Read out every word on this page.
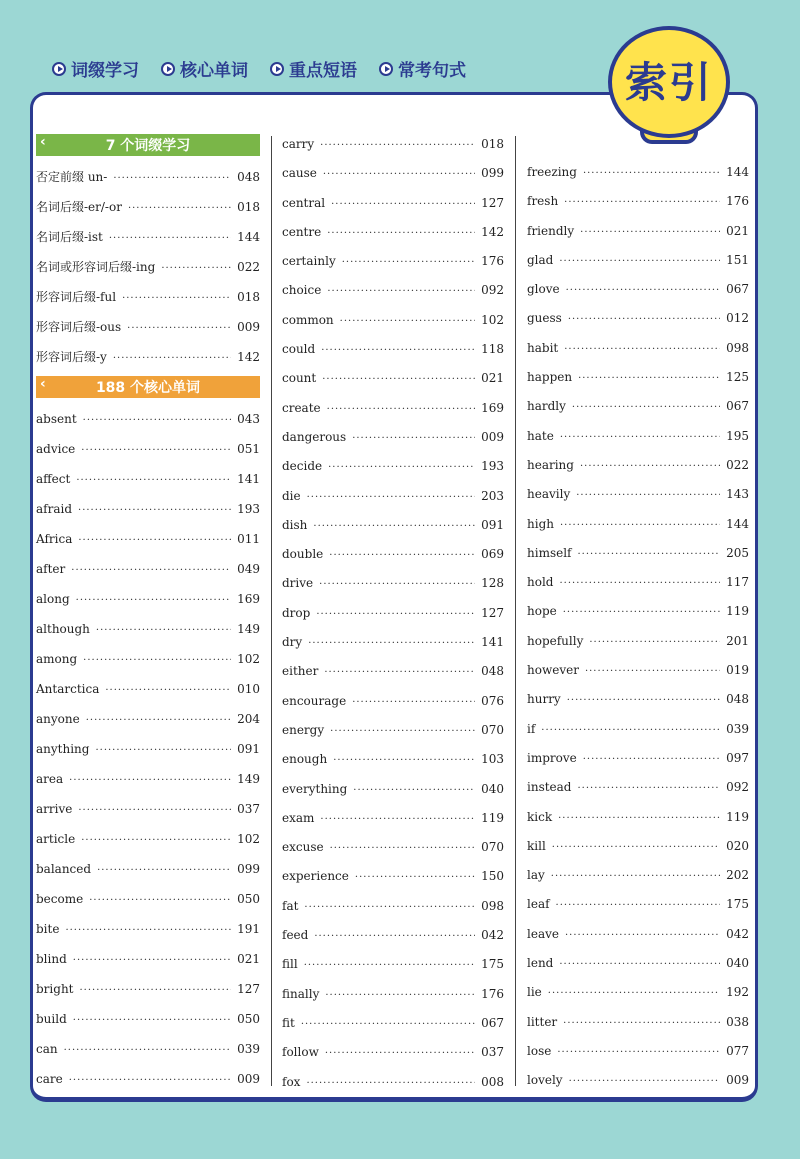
词缀学习 核心单词 重点短语 常考句式	索引
‹ 7 个词缀学习
否定前缀 un- ·····	048
名词后缀-er/-or ·····	018
名词后缀-ist ·····	144
名词或形容词后缀-ing ·····	022
形容词后缀-ful ·····	018
形容词后缀-ous ·····	009
形容词后缀-y ·····	142
‹ 188 个核心单词
absent ·····	043
advice ·····	051
affect ·····	141
afraid ·····	193
Africa ·····	011
after ·····	049
along ·····	169
although ·····	149
among ·····	102
Antarctica ·····	010
anyone ·····	204
anything ·····	091
area ·····	149
arrive ·····	037
article ·····	102
balanced ·····	099
become ·····	050
bite ·····	191
blind ·····	021
bright ·····	127
build ·····	050
can ·····	039
care ·····	009
carry ·····	018
cause ·····	099
central ·····	127
centre ·····	142
certainly ·····	176
choice ·····	092
common ·····	102
could ·····	118
count ·····	021
create ·····	169
dangerous ·····	009
decide ·····	193
die ·····	203
dish ·····	091
double ·····	069
drive ·····	128
drop ·····	127
dry ·····	141
either ·····	048
encourage ·····	076
energy ·····	070
enough ·····	103
everything ·····	040
exam ·····	119
excuse ·····	070
experience ·····	150
fat ·····	098
feed ·····	042
fill ·····	175
finally ·····	176
fit ·····	067
follow ·····	037
fox ·····	008
freezing ·····	144
fresh ·····	176
friendly ·····	021
glad ·····	151
glove ·····	067
guess ·····	012
habit ·····	098
happen ·····	125
hardly ·····	067
hate ·····	195
hearing ·····	022
heavily ·····	143
high ·····	144
himself ·····	205
hold ·····	117
hope ·····	119
hopefully ·····	201
however ·····	019
hurry ·····	048
if ·····	039
improve ·····	097
instead ·····	092
kick ·····	119
kill ·····	020
lay ·····	202
leaf ·····	175
leave ·····	042
lend ·····	040
lie ·····	192
litter ·····	038
lose ·····	077
lovely ·····	009
